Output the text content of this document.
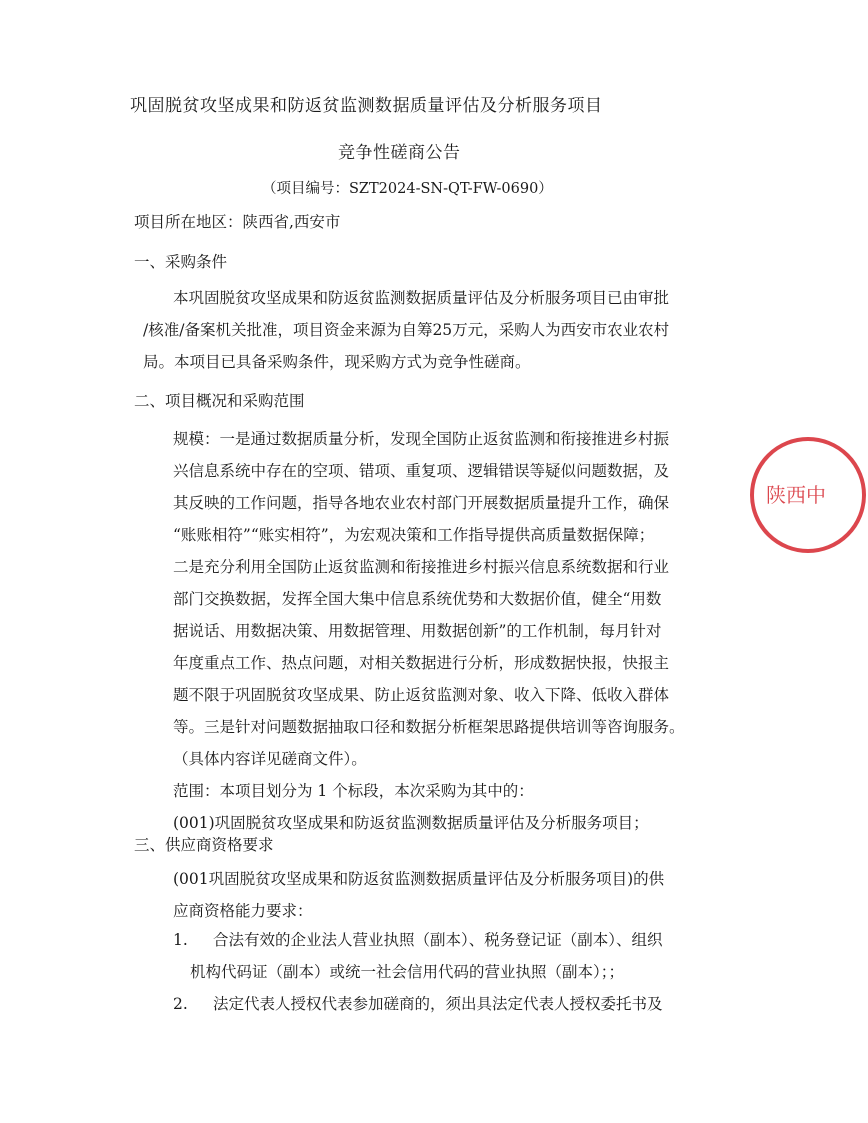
巩固脱贫攻坚成果和防返贫监测数据质量评估及分析服务项目
竞争性磋商公告
（项目编号：SZT2024-SN-QT-FW-0690）
项目所在地区：陕西省,西安市
一、采购条件
本巩固脱贫攻坚成果和防返贫监测数据质量评估及分析服务项目已由审批
/核准/备案机关批准，项目资金来源为自筹25万元，采购人为西安市农业农村
局。本项目已具备采购条件，现采购方式为竞争性磋商。
二、项目概况和采购范围
规模：一是通过数据质量分析，发现全国防止返贫监测和衔接推进乡村振
兴信息系统中存在的空项、错项、重复项、逻辑错误等疑似问题数据，及
其反映的工作问题，指导各地农业农村部门开展数据质量提升工作，确保
“账账相符”“账实相符”，为宏观决策和工作指导提供高质量数据保障；
二是充分利用全国防止返贫监测和衔接推进乡村振兴信息系统数据和行业
部门交换数据，发挥全国大集中信息系统优势和大数据价值，健全“用数
据说话、用数据决策、用数据管理、用数据创新”的工作机制，每月针对
年度重点工作、热点问题，对相关数据进行分析，形成数据快报，快报主
题不限于巩固脱贫攻坚成果、防止返贫监测对象、收入下降、低收入群体
等。三是针对问题数据抽取口径和数据分析框架思路提供培训等咨询服务。
（具体内容详见磋商文件）。
范围：本项目划分为 1 个标段，本次采购为其中的：
(001)巩固脱贫攻坚成果和防返贫监测数据质量评估及分析服务项目；
三、供应商资格要求
(001巩固脱贫攻坚成果和防返贫监测数据质量评估及分析服务项目)的供
应商资格能力要求：
1. 合法有效的企业法人营业执照（副本）、税务登记证（副本）、组织
机构代码证（副本）或统一社会信用代码的营业执照（副本）；；
2. 法定代表人授权代表参加磋商的，须出具法定代表人授权委托书及
陕西中
